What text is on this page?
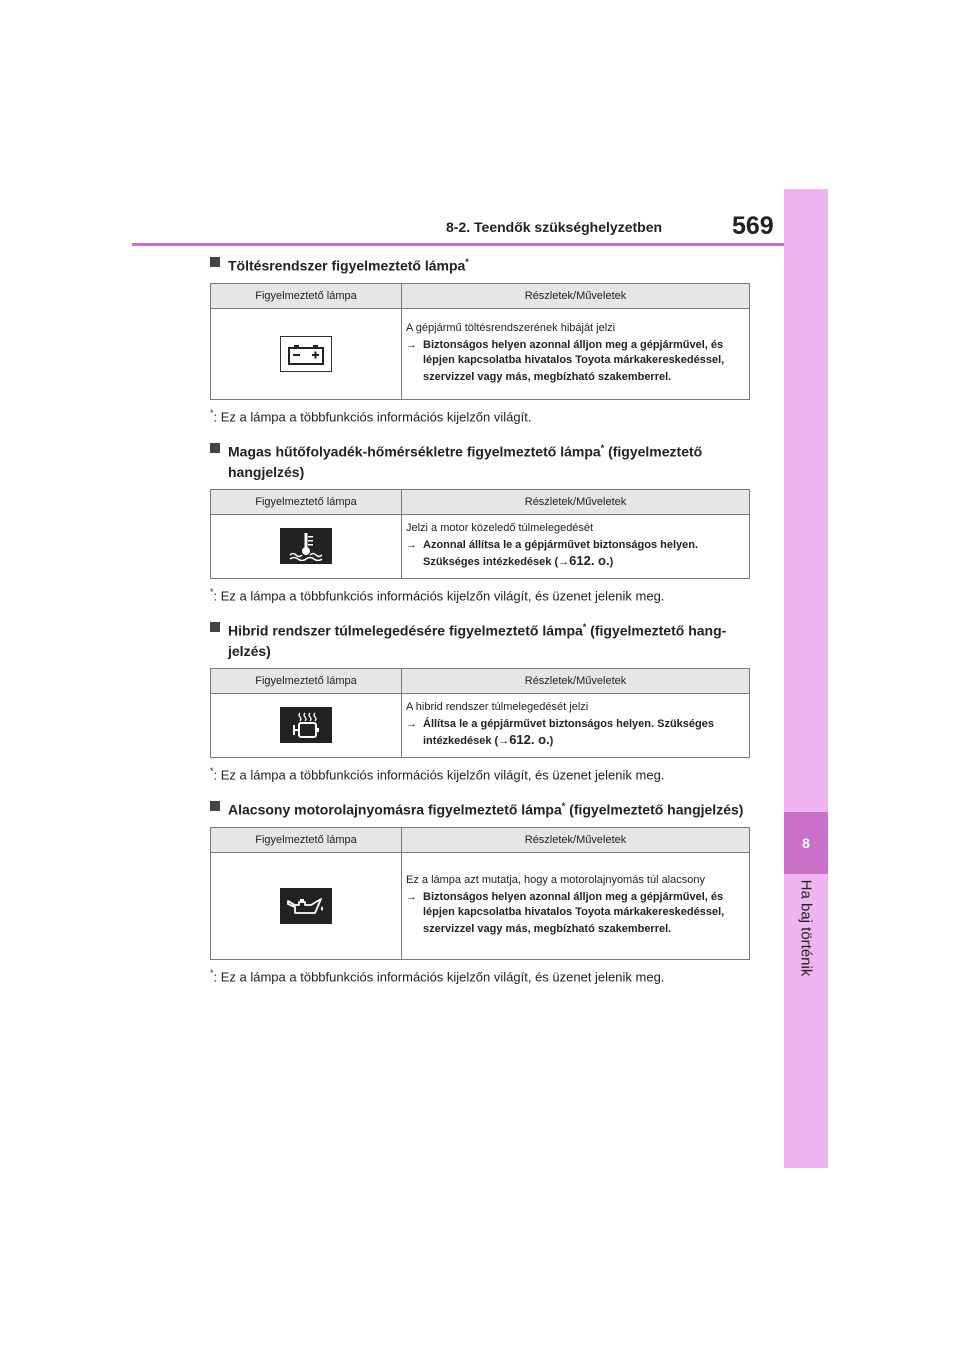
8
Ha baj történik
8-2. Teendők szükséghelyzetben	569
Töltésrendszer figyelmeztető lámpa*
Figyelmeztető lámpa	Részletek/Műveletek

A gépjármű töltésrendszerének hibáját jelzi
→ Biztonságos helyen azonnal álljon meg a gépjárművel, és lépjen kapcsolatba hivatalos Toyota márkakereskedéssel, szervizzel vagy más, megbízható szakemberrel.
*: Ez a lámpa a többfunkciós információs kijelzőn világít.
Magas hűtőfolyadék-hőmérsékletre figyelmeztető lámpa* (figyelmeztető hangjelzés)
Figyelmeztető lámpa	Részletek/Műveletek

Jelzi a motor közeledő túlmelegedését
→ Azonnal állítsa le a gépjárművet biztonságos helyen. Szükséges intézkedések (→612. o.)
*: Ez a lámpa a többfunkciós információs kijelzőn világít, és üzenet jelenik meg.
Hibrid rendszer túlmelegedésére figyelmeztető lámpa* (figyelmeztető hangjelzés)
Figyelmeztető lámpa	Részletek/Műveletek

A hibrid rendszer túlmelegedését jelzi
→ Állítsa le a gépjárművet biztonságos helyen. Szükséges intézkedések (→612. o.)
*: Ez a lámpa a többfunkciós információs kijelzőn világít, és üzenet jelenik meg.
Alacsony motorolajnyomásra figyelmeztető lámpa* (figyelmeztető hangjelzés)
Figyelmeztető lámpa	Részletek/Műveletek

Ez a lámpa azt mutatja, hogy a motorolajnyomás túl alacsony
→ Biztonságos helyen azonnal álljon meg a gépjárművel, és lépjen kapcsolatba hivatalos Toyota márkakereskedéssel, szervizzel vagy más, megbízható szakemberrel.
*: Ez a lámpa a többfunkciós információs kijelzőn világít, és üzenet jelenik meg.
